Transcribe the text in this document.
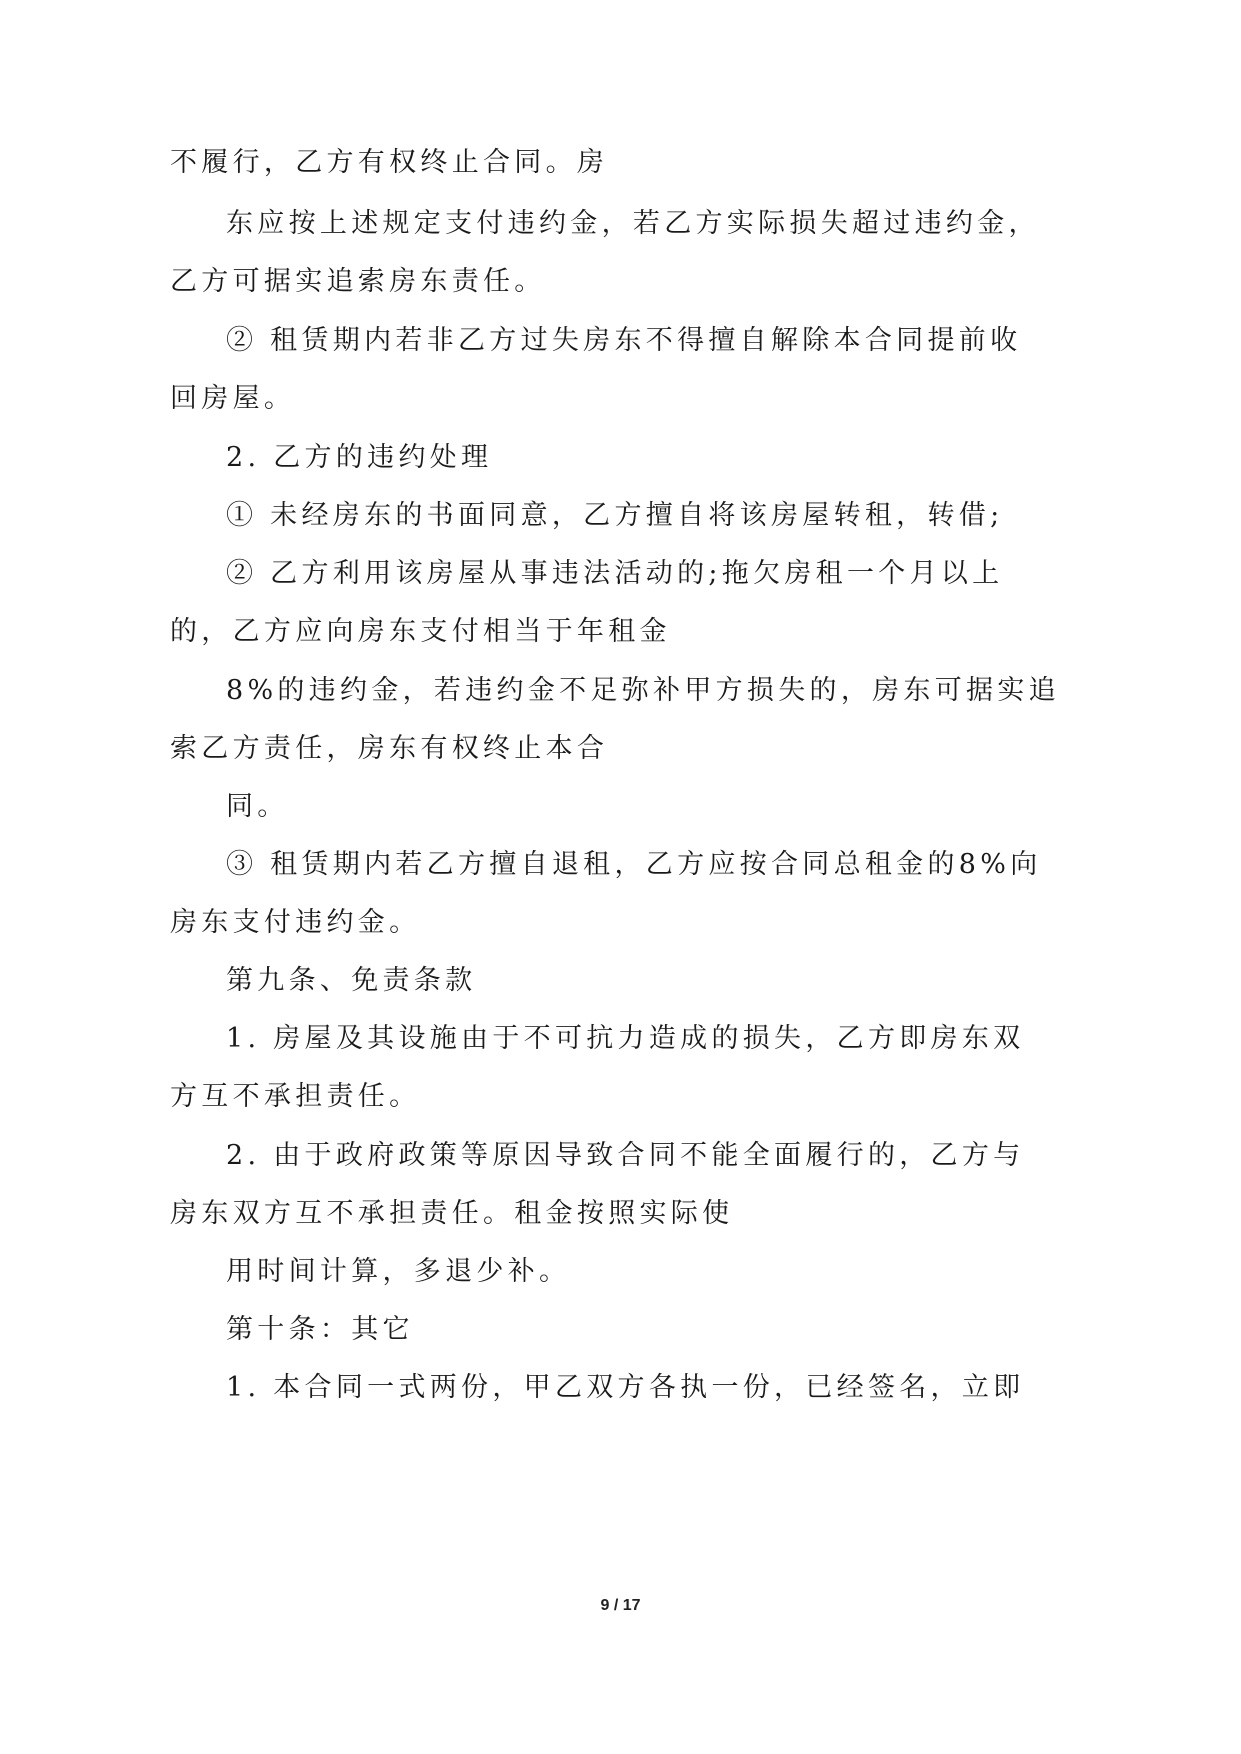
不履行，乙方有权终止合同。房
东应按上述规定支付违约金，若乙方实际损失超过违约金，
乙方可据实追索房东责任。
② 租赁期内若非乙方过失房东不得擅自解除本合同提前收
回房屋。
2. 乙方的违约处理
① 未经房东的书面同意，乙方擅自将该房屋转租，转借;
② 乙方利用该房屋从事违法活动的;拖欠房租一个月以上
的，乙方应向房东支付相当于年租金
8%的违约金，若违约金不足弥补甲方损失的，房东可据实追
索乙方责任，房东有权终止本合
同。
③ 租赁期内若乙方擅自退租，乙方应按合同总租金的8%向
房东支付违约金。
第九条、免责条款
1. 房屋及其设施由于不可抗力造成的损失，乙方即房东双
方互不承担责任。
2. 由于政府政策等原因导致合同不能全面履行的，乙方与
房东双方互不承担责任。租金按照实际使
用时间计算，多退少补。
第十条：其它
1. 本合同一式两份，甲乙双方各执一份，已经签名，立即
9 / 17
